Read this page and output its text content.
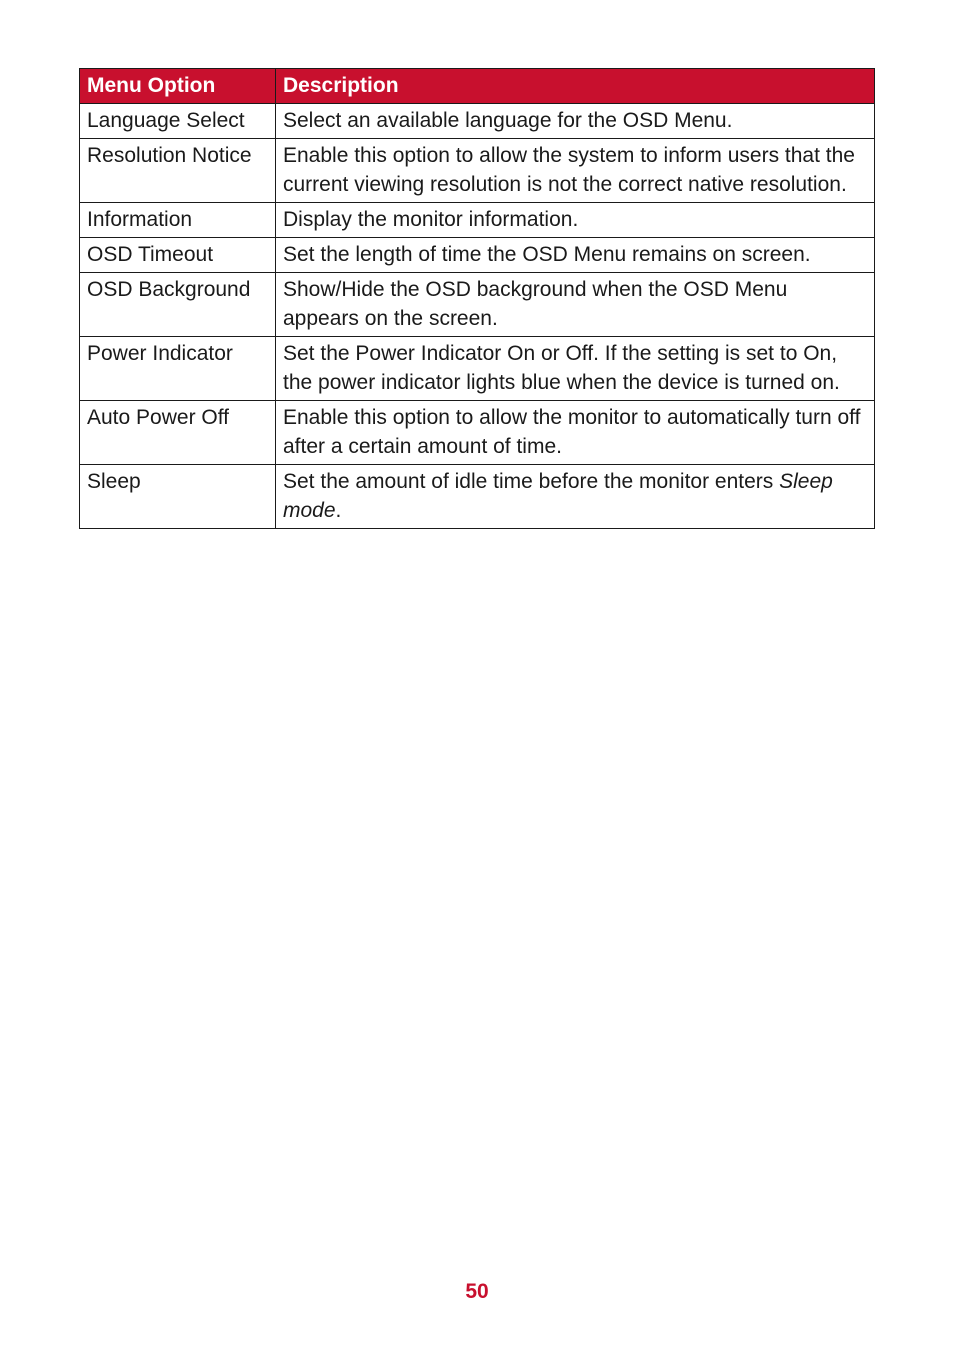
Menu Option	Description
Language Select	Select an available language for the OSD Menu.
Resolution Notice	Enable this option to allow the system to inform users that the current viewing resolution is not the correct native resolution.
Information	Display the monitor information.
OSD Timeout	Set the length of time the OSD Menu remains on screen.
OSD Background	Show/Hide the OSD background when the OSD Menu appears on the screen.
Power Indicator	Set the Power Indicator On or Off. If the setting is set to On, the power indicator lights blue when the device is turned on.
Auto Power Off	Enable this option to allow the monitor to automatically turn off after a certain amount of time.
Sleep	Set the amount of idle time before the monitor enters Sleep mode.
50
